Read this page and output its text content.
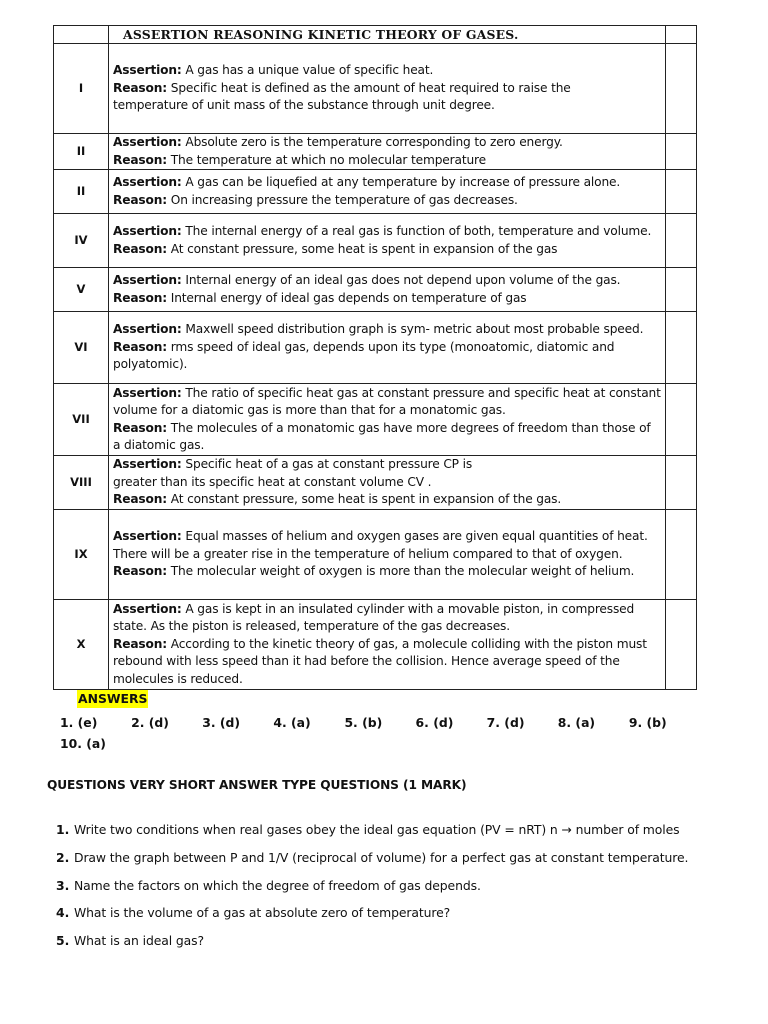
	ASSERTION REASONING KINETIC THEORY OF GASES.	
I	Assertion: A gas has a unique value of specific heat.
Reason: Specific heat is defined as the amount of heat required to raise the temperature of unit mass of the substance through unit degree.	

II	Assertion: Absolute zero is the temperature corresponding to zero energy.
Reason: The temperature at which no molecular temperature	

II	Assertion: A gas can be liquefied at any temperature by increase of pressure alone.
Reason: On increasing pressure the temperature of gas decreases.	

IV	Assertion: The internal energy of a real gas is function of both, temperature and volume.
Reason: At constant pressure, some heat is spent in expansion of the gas	

V	Assertion: Internal energy of an ideal gas does not depend upon volume of the gas.
Reason: Internal energy of ideal gas depends on temperature of gas	

VI	Assertion: Maxwell speed distribution graph is sym- metric about most probable speed.
Reason: rms speed of ideal gas, depends upon its type (monoatomic, diatomic and polyatomic).	

VII	Assertion: The ratio of specific heat gas at constant pressure and specific heat at constant volume for a diatomic gas is more than that for a monatomic gas.
Reason: The molecules of a monatomic gas have more degrees of freedom than those of a diatomic gas.	

VIII	Assertion: Specific heat of a gas at constant pressure CP is greater than its specific heat at constant volume CV .
Reason: At constant pressure, some heat is spent in expansion of the gas.	

IX	Assertion: Equal masses of helium and oxygen gases are given equal quantities of heat. There will be a greater rise in the temperature of helium compared to that of oxygen.
Reason: The molecular weight of oxygen is more than the molecular weight of helium.	

X	Assertion: A gas is kept in an insulated cylinder with a movable piston, in compressed state. As the piston is released, temperature of the gas decreases.
Reason: According to the kinetic theory of gas, a molecule colliding with the piston must rebound with less speed than it had before the collision. Hence average speed of the molecules is reduced.	

ANSWERS
1. (e)	2. (d)	3. (d)	4. (a)	5. (b)	6. (d)	7. (d)	8. (a)	9. (b)
10. (a)
QUESTIONS VERY SHORT ANSWER TYPE QUESTIONS (1 MARK)
1. Write two conditions when real gases obey the ideal gas equation (PV = nRT) n → number of moles
2. Draw the graph between P and 1/V (reciprocal of volume) for a perfect gas at constant temperature.
3. Name the factors on which the degree of freedom of gas depends.
4. What is the volume of a gas at absolute zero of temperature?
5. What is an ideal gas?
